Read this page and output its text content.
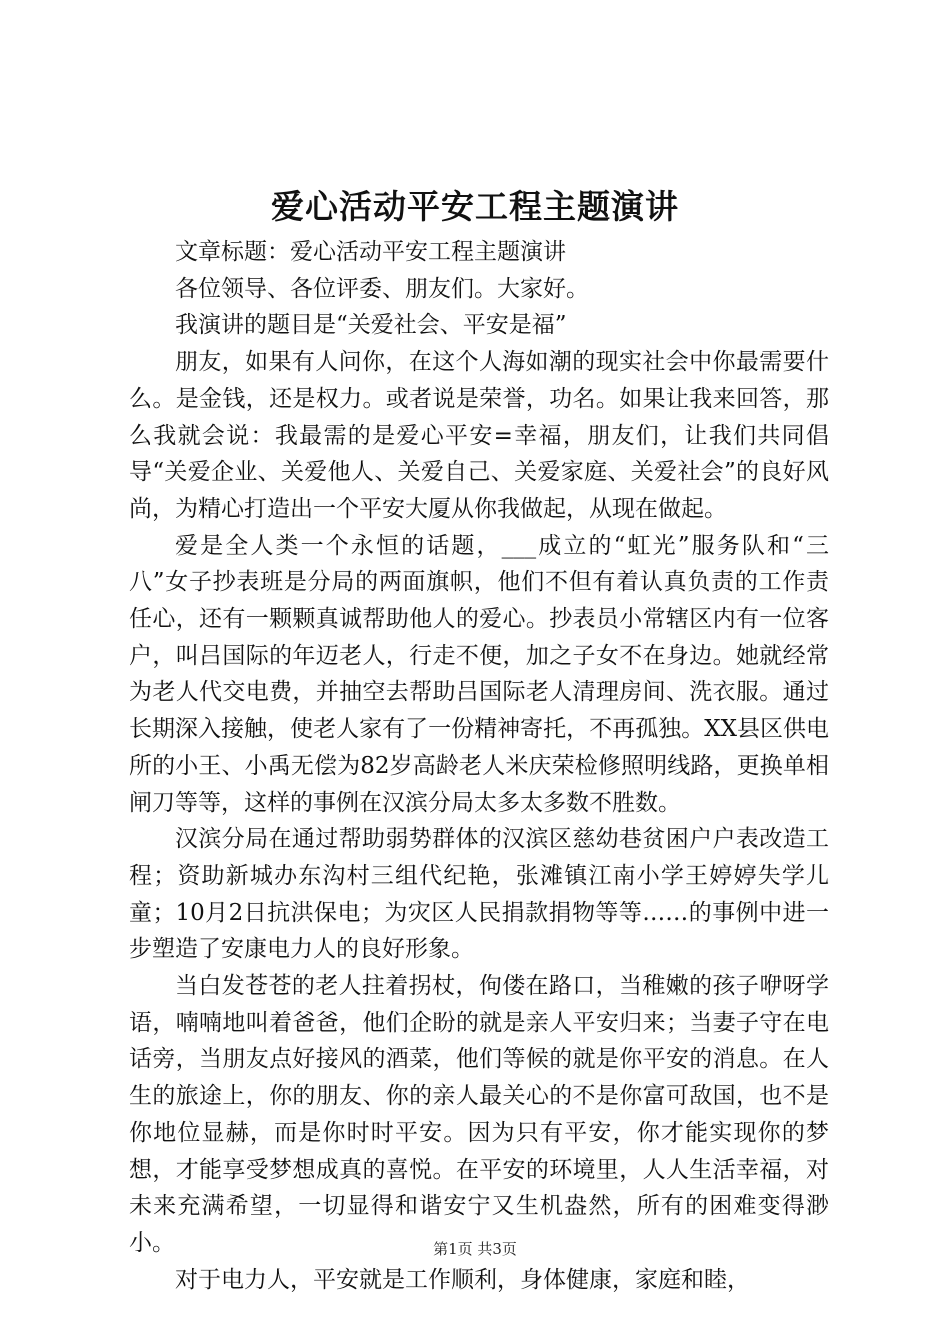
爱心活动平安工程主题演讲

文章标题：爱心活动平安工程主题演讲

各位领导、各位评委、朋友们。大家好。

我演讲的题目是“关爱社会、平安是福”

朋友，如果有人问你，在这个人海如潮的现实社会中你最需要什么。是金钱，还是权力。或者说是荣誉，功名。如果让我来回答，那么我就会说：我最需的是爱心平安=幸福，朋友们，让我们共同倡导“关爱企业、关爱他人、关爱自己、关爱家庭、关爱社会”的良好风尚，为精心打造出一个平安大厦从你我做起，从现在做起。

爱是全人类一个永恒的话题，___成立的“虹光”服务队和“三八”女子抄表班是分局的两面旗帜，他们不但有着认真负责的工作责任心，还有一颗颗真诚帮助他人的爱心。抄表员小常辖区内有一位客户，叫吕国际的年迈老人，行走不便，加之子女不在身边。她就经常为老人代交电费，并抽空去帮助吕国际老人清理房间、洗衣服。通过长期深入接触，使老人家有了一份精神寄托，不再孤独。XX县区供电所的小王、小禹无偿为82岁高龄老人米庆荣检修照明线路，更换单相闸刀等等，这样的事例在汉滨分局太多太多数不胜数。

汉滨分局在通过帮助弱势群体的汉滨区慈幼巷贫困户户表改造工程；资助新城办东沟村三组代纪艳，张滩镇江南小学王婷婷失学儿童；10月2日抗洪保电；为灾区人民捐款捐物等等……的事例中进一步塑造了安康电力人的良好形象。

当白发苍苍的老人拄着拐杖，佝偻在路口，当稚嫩的孩子咿呀学语，喃喃地叫着爸爸，他们企盼的就是亲人平安归来；当妻子守在电话旁，当朋友点好接风的酒菜，他们等候的就是你平安的消息。在人生的旅途上，你的朋友、你的亲人最关心的不是你富可敌国，也不是你地位显赫，而是你时时平安。因为只有平安，你才能实现你的梦想，才能享受梦想成真的喜悦。在平安的环境里，人人生活幸福，对未来充满希望，一切显得和谐安宁又生机盎然，所有的困难变得渺小。

对于电力人，平安就是工作顺利，身体健康，家庭和睦，

第1页 共3页
